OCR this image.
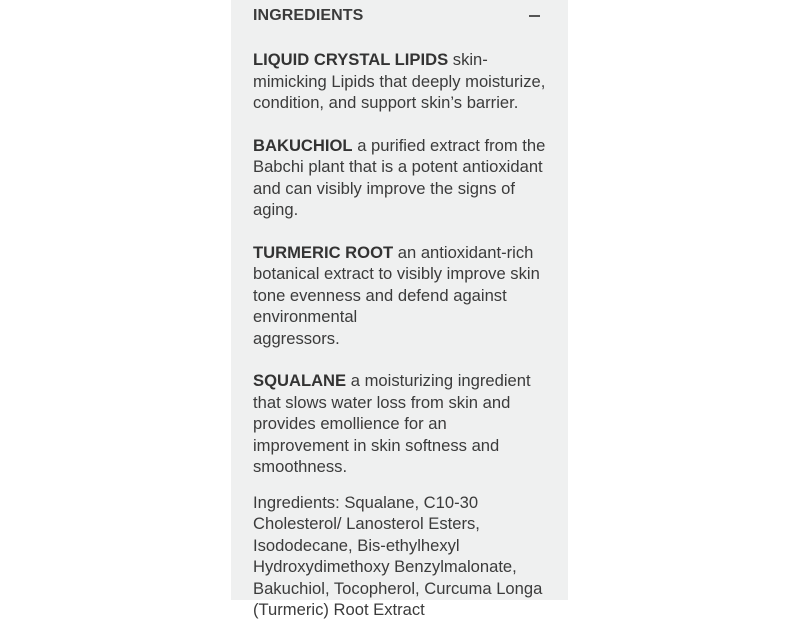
INGREDIENTS

LIQUID CRYSTAL LIPIDS skin-mimicking Lipids that deeply moisturize, condition, and support skin’s barrier.

BAKUCHIOL a purified extract from the Babchi plant that is a potent antioxidant and can visibly improve the signs of aging.

TURMERIC ROOT an antioxidant-rich botanical extract to visibly improve skin tone evenness and defend against environmental
aggressors.

SQUALANE a moisturizing ingredient that slows water loss from skin and provides emollience for an improvement in skin softness and smoothness.

Ingredients: Squalane, C10-30 Cholesterol/ Lanosterol Esters, Isododecane, Bis-ethylhexyl Hydroxydimethoxy Benzylmalonate, Bakuchiol, Tocopherol, Curcuma Longa (Turmeric) Root Extract
